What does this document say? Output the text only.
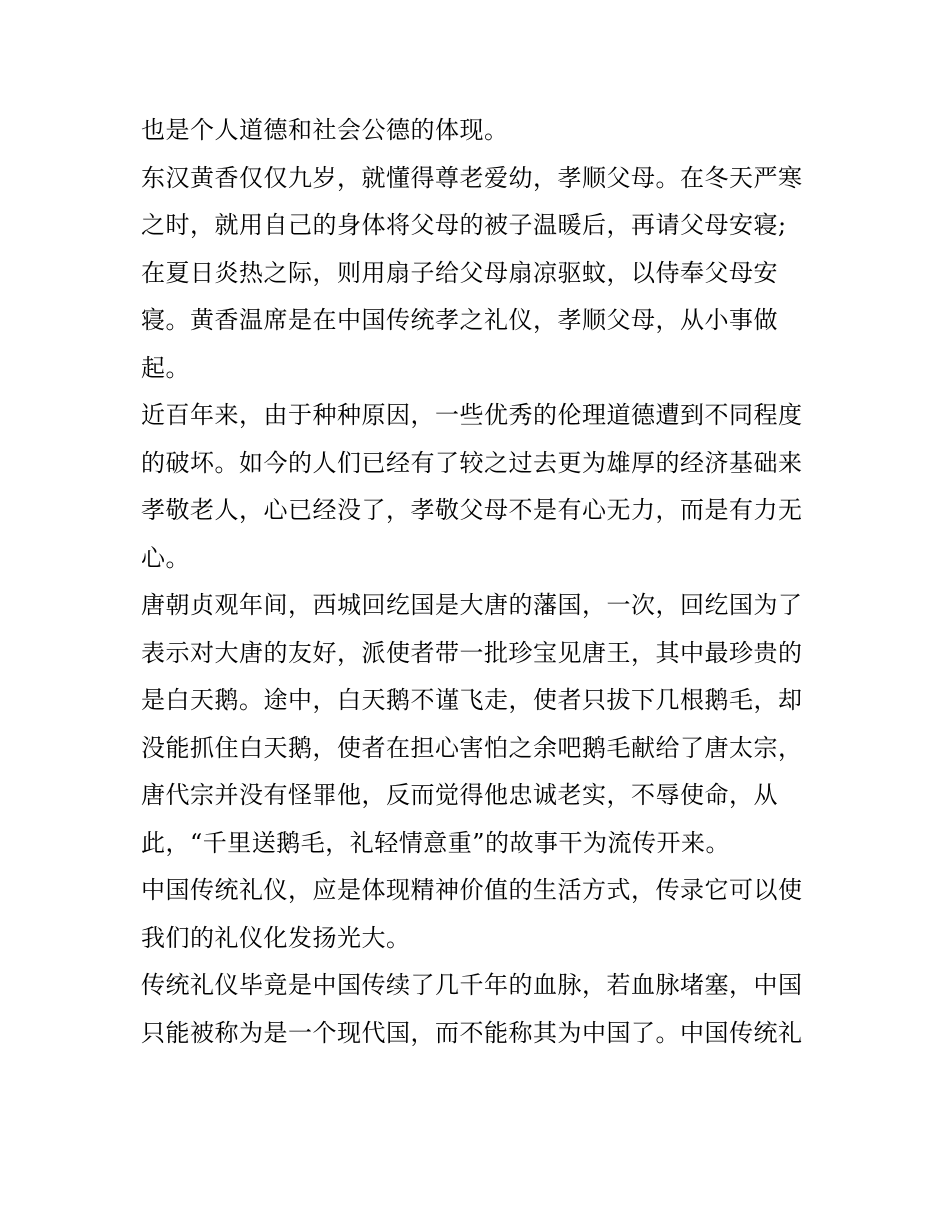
也是个人道德和社会公德的体现。
东汉黄香仅仅九岁，就懂得尊老爱幼，孝顺父母。在冬天严寒
之时，就用自己的身体将父母的被子温暖后，再请父母安寝;
在夏日炎热之际，则用扇子给父母扇凉驱蚊，以侍奉父母安
寝。黄香温席是在中国传统孝之礼仪，孝顺父母，从小事做
起。
近百年来，由于种种原因，一些优秀的伦理道德遭到不同程度
的破坏。如今的人们已经有了较之过去更为雄厚的经济基础来
孝敬老人，心已经没了，孝敬父母不是有心无力，而是有力无
心。
唐朝贞观年间，西城回纥国是大唐的藩国，一次，回纥国为了
表示对大唐的友好，派使者带一批珍宝见唐王，其中最珍贵的
是白天鹅。途中，白天鹅不谨飞走，使者只拔下几根鹅毛，却
没能抓住白天鹅，使者在担心害怕之余吧鹅毛献给了唐太宗，
唐代宗并没有怪罪他，反而觉得他忠诚老实，不辱使命，从
此，“千里送鹅毛，礼轻情意重”的故事干为流传开来。
中国传统礼仪，应是体现精神价值的生活方式，传录它可以使
我们的礼仪化发扬光大。
传统礼仪毕竟是中国传续了几千年的血脉，若血脉堵塞，中国
只能被称为是一个现代国，而不能称其为中国了。中国传统礼
